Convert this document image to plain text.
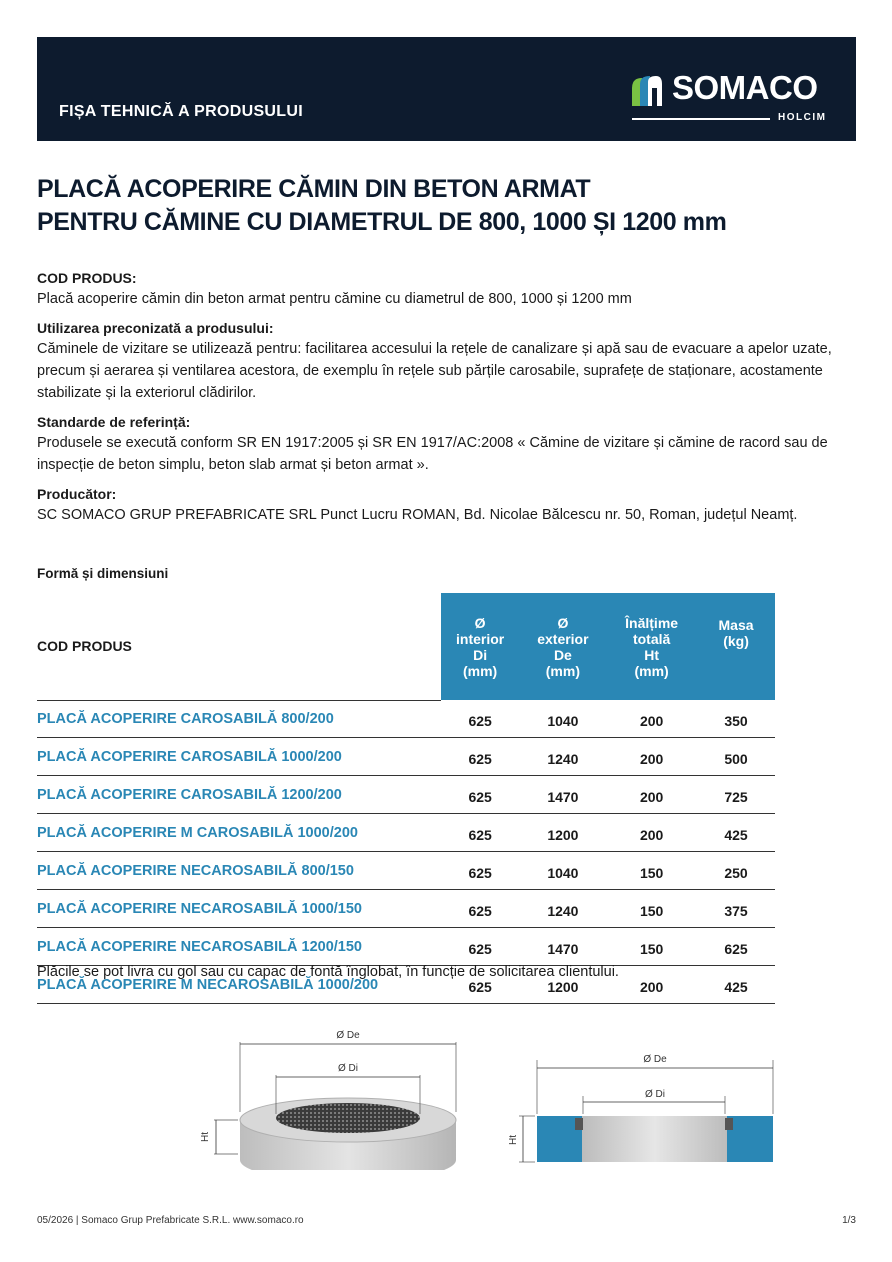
FIȘA TEHNICĂ A PRODUSULUI
SOMACO
HOLCIM
PLACĂ ACOPERIRE CĂMIN DIN BETON ARMAT
PENTRU CĂMINE CU DIAMETRUL DE 800, 1000 ȘI 1200 mm
COD PRODUS:

Placă acoperire cămin din beton armat pentru cămine cu diametrul de 800, 1000 și 1200 mm

Utilizarea preconizată a produsului:

Căminele de vizitare se utilizează pentru: facilitarea accesului la rețele de canalizare și apă sau de evacuare a apelor uzate, precum și aerarea și ventilarea acestora, de exemplu în rețele sub părțile carosabile, suprafețe de staționare, acostamente stabilizate și la exteriorul clădirilor.

Standarde de referință:

Produsele se execută conform SR EN 1917:2005 și SR EN 1917/AC:2008 « Cămine de vizitare și cămine de racord sau de inspecție de beton simplu, beton slab armat și beton armat ».

Producător:

SC SOMACO GRUP PREFABRICATE SRL Punct Lucru ROMAN, Bd. Nicolae Bălcescu nr. 50, Roman, județul Neamț.

Formă și dimensiuni
COD PRODUS	Ø
interior
Di
(mm)	Ø
exterior
De
(mm)	Înălțime
totală
Ht
(mm)	Masa
(kg)

PLACĂ ACOPERIRE CAROSABILĂ 800/200	625	1040	200	350
PLACĂ ACOPERIRE CAROSABILĂ 1000/200	625	1240	200	500
PLACĂ ACOPERIRE CAROSABILĂ 1200/200	625	1470	200	725
PLACĂ ACOPERIRE M CAROSABILĂ 1000/200	625	1200	200	425
PLACĂ ACOPERIRE NECAROSABILĂ 800/150	625	1040	150	250
PLACĂ ACOPERIRE NECAROSABILĂ 1000/150	625	1240	150	375
PLACĂ ACOPERIRE NECAROSABILĂ 1200/150	625	1470	150	625
PLACĂ ACOPERIRE M NECAROSABILĂ 1000/200	625	1200	200	425
Plăcile se pot livra cu gol sau cu capac de fontă înglobat, în funcție de solicitarea clientului.
Ø De
Ø Di
Ht
Ø De
Ø Di
Ht
05/2026 | Somaco Grup Prefabricate S.R.L. www.somaco.ro	1/3
